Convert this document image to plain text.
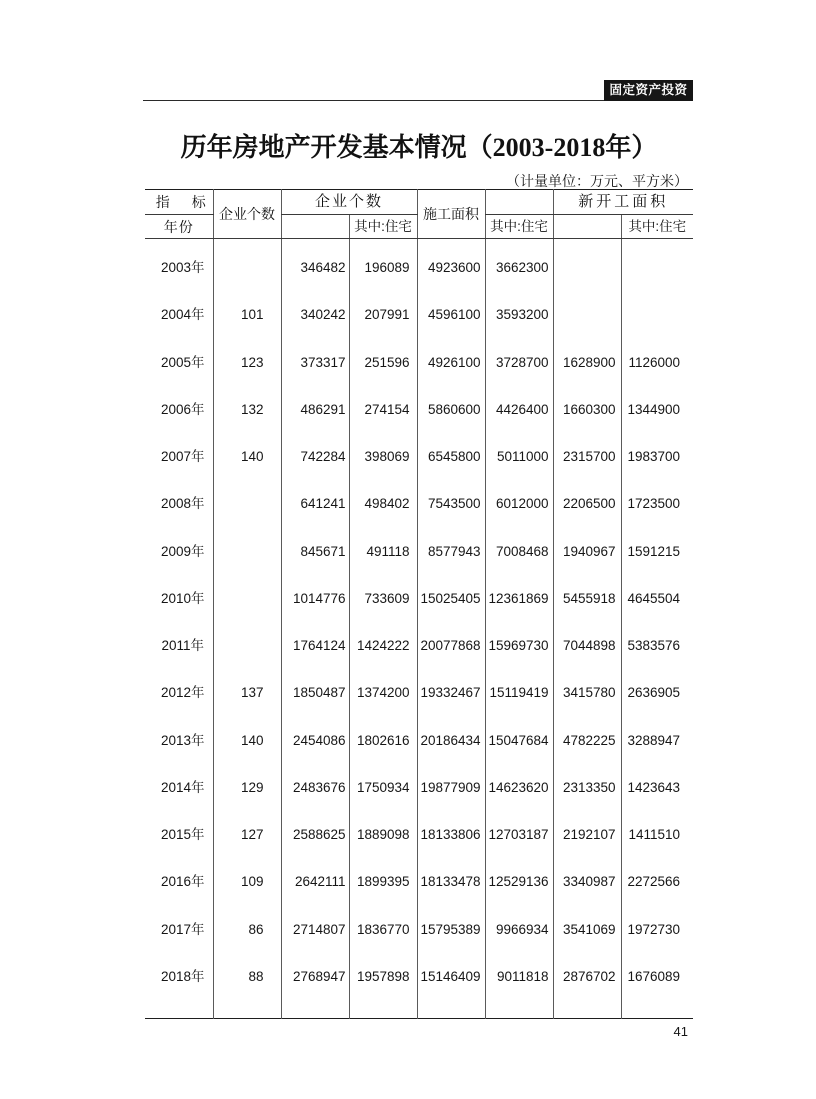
固定资产投资
历年房地产开发基本情况（2003-2018年）
（计量单位：万元、平方米）
指　标	企业个数	企业个数		施工面积		新开工面积	
年份			其中:住宅		其中:住宅		其中:住宅

2003年		346482	196089	4923600	3662300		
2004年	101	340242	207991	4596100	3593200		
2005年	123	373317	251596	4926100	3728700	1628900	1126000
2006年	132	486291	274154	5860600	4426400	1660300	1344900
2007年	140	742284	398069	6545800	5011000	2315700	1983700
2008年		641241	498402	7543500	6012000	2206500	1723500
2009年		845671	491118	8577943	7008468	1940967	1591215
2010年		1014776	733609	15025405	12361869	5455918	4645504
2011年		1764124	1424222	20077868	15969730	7044898	5383576
2012年	137	1850487	1374200	19332467	15119419	3415780	2636905
2013年	140	2454086	1802616	20186434	15047684	4782225	3288947
2014年	129	2483676	1750934	19877909	14623620	2313350	1423643
2015年	127	2588625	1889098	18133806	12703187	2192107	1411510
2016年	109	2642111	1899395	18133478	12529136	3340987	2272566
2017年	86	2714807	1836770	15795389	9966934	3541069	1972730
2018年	88	2768947	1957898	15146409	9011818	2876702	1676089

41
